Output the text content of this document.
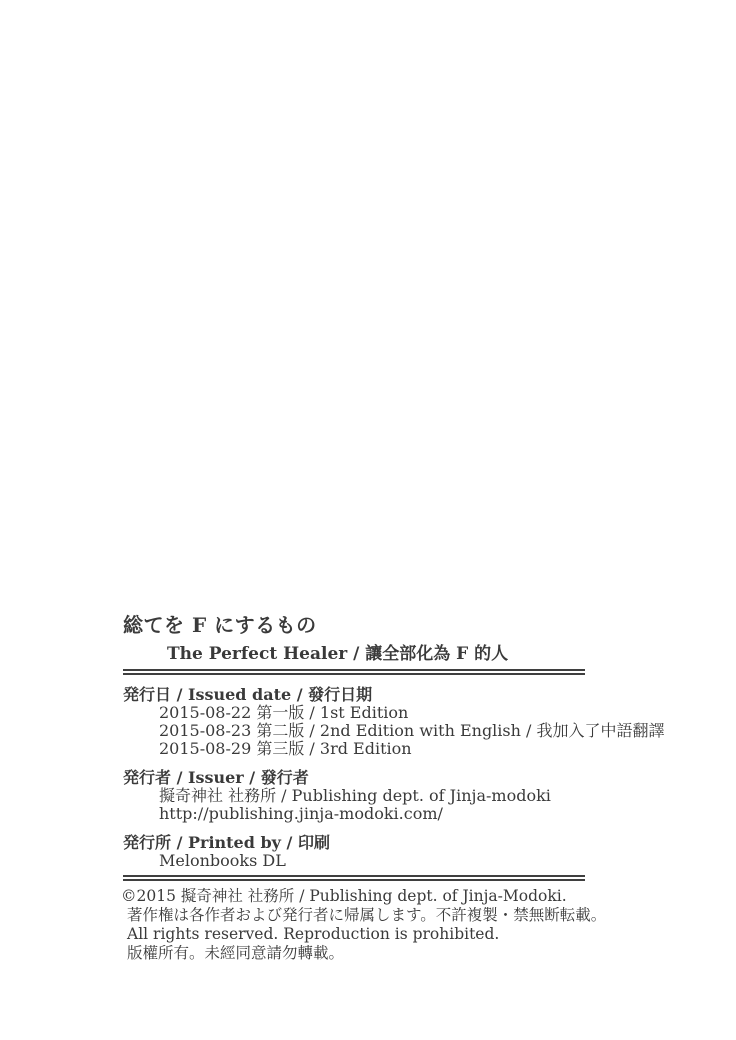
総てを F にするもの
The Perfect Healer / 讓全部化為 F 的人
発行日 / Issued date / 發行日期
2015-08-22 第一版 / 1st Edition
2015-08-23 第二版 / 2nd Edition with English / 我加入了中語翻譯
2015-08-29 第三版 / 3rd Edition
発行者 / Issuer / 發行者
擬奇神社 社務所 / Publishing dept. of Jinja-modoki
http://publishing.jinja-modoki.com/
発行所 / Printed by / 印刷
Melonbooks DL
©2015 擬奇神社 社務所 / Publishing dept. of Jinja-Modoki.
著作権は各作者および発行者に帰属します。不許複製・禁無断転載。
All rights reserved. Reproduction is prohibited.
版權所有。未經同意請勿轉載。
